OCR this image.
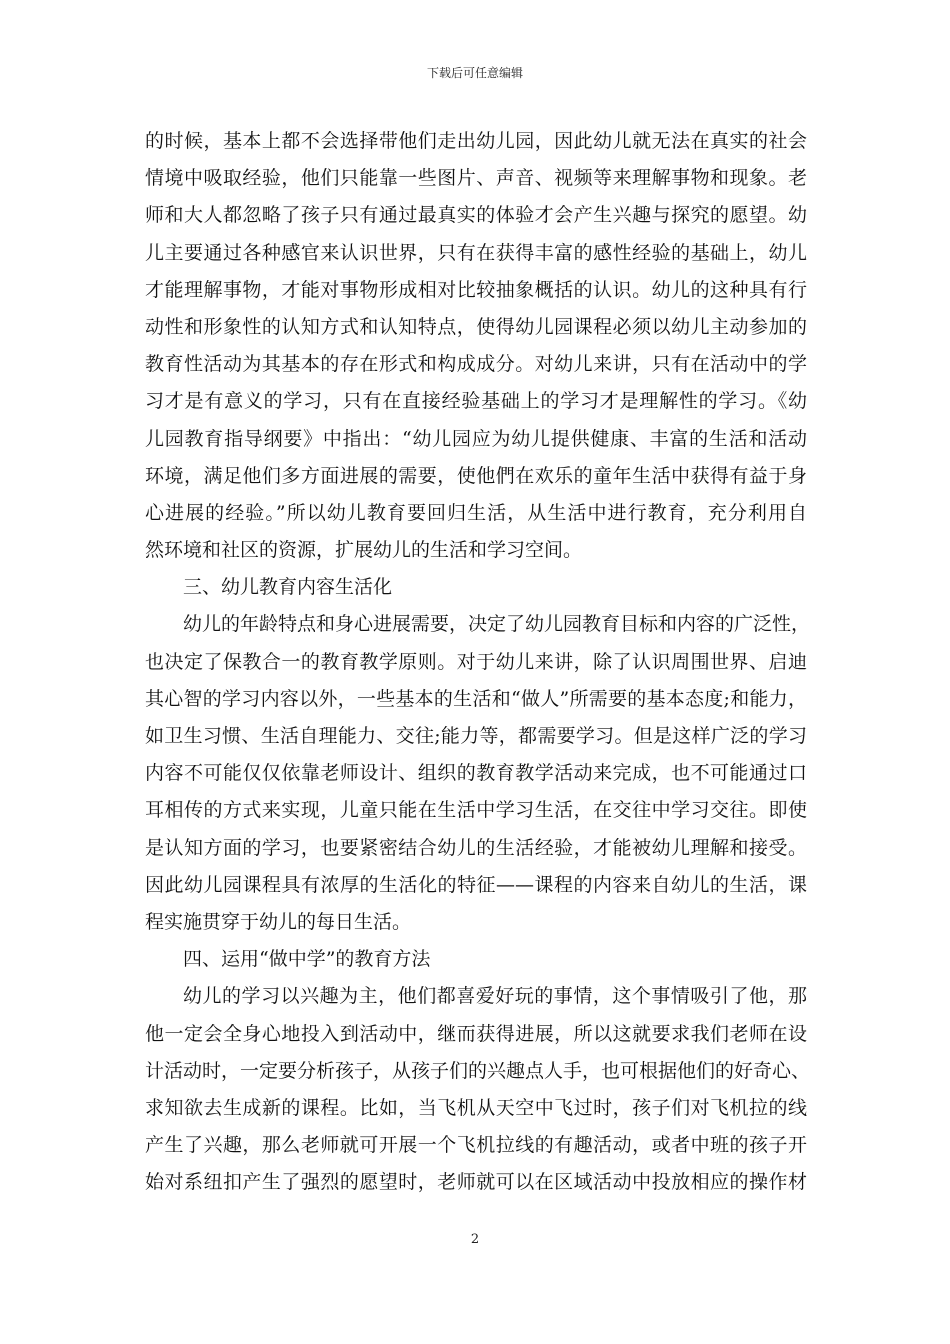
下载后可任意编辑
的时候，基本上都不会选择带他们走出幼儿园，因此幼儿就无法在真实的社会
情境中吸取经验，他们只能靠一些图片、声音、视频等来理解事物和现象。老
师和大人都忽略了孩子只有通过最真实的体验才会产生兴趣与探究的愿望。幼
儿主要通过各种感官来认识世界，只有在获得丰富的感性经验的基础上，幼儿
才能理解事物，才能对事物形成相对比较抽象概括的认识。幼儿的这种具有行
动性和形象性的认知方式和认知特点，使得幼儿园课程必须以幼儿主动参加的
教育性活动为其基本的存在形式和构成成分。对幼儿来讲，只有在活动中的学
习才是有意义的学习，只有在直接经验基础上的学习才是理解性的学习。《幼
儿园教育指导纲要》中指出：“幼儿园应为幼儿提供健康、丰富的生活和活动
环境，满足他们多方面进展的需要，使他們在欢乐的童年生活中获得有益于身
心进展的经验。”所以幼儿教育要回归生活，从生活中进行教育，充分利用自
然环境和社区的资源，扩展幼儿的生活和学习空间。
三、幼儿教育内容生活化
幼儿的年龄特点和身心进展需要，决定了幼儿园教育目标和内容的广泛性，
也决定了保教合一的教育教学原则。对于幼儿来讲，除了认识周围世界、启迪
其心智的学习内容以外，一些基本的生活和“做人”所需要的基本态度;和能力，
如卫生习惯、生活自理能力、交往;能力等，都需要学习。但是这样广泛的学习
内容不可能仅仅依靠老师设计、组织的教育教学活动来完成，也不可能通过口
耳相传的方式来实现，儿童只能在生活中学习生活，在交往中学习交往。即使
是认知方面的学习，也要紧密结合幼儿的生活经验，才能被幼儿理解和接受。
因此幼儿园课程具有浓厚的生活化的特征——课程的内容来自幼儿的生活，课
程实施贯穿于幼儿的每日生活。
四、运用“做中学”的教育方法
幼儿的学习以兴趣为主，他们都喜爱好玩的事情，这个事情吸引了他，那
他一定会全身心地投入到活动中，继而获得进展，所以这就要求我们老师在设
计活动时，一定要分析孩子，从孩子们的兴趣点人手，也可根据他们的好奇心、
求知欲去生成新的课程。比如，当飞机从天空中飞过时，孩子们对飞机拉的线
产生了兴趣，那么老师就可开展一个飞机拉线的有趣活动，或者中班的孩子开
始对系纽扣产生了强烈的愿望时，老师就可以在区域活动中投放相应的操作材
2
